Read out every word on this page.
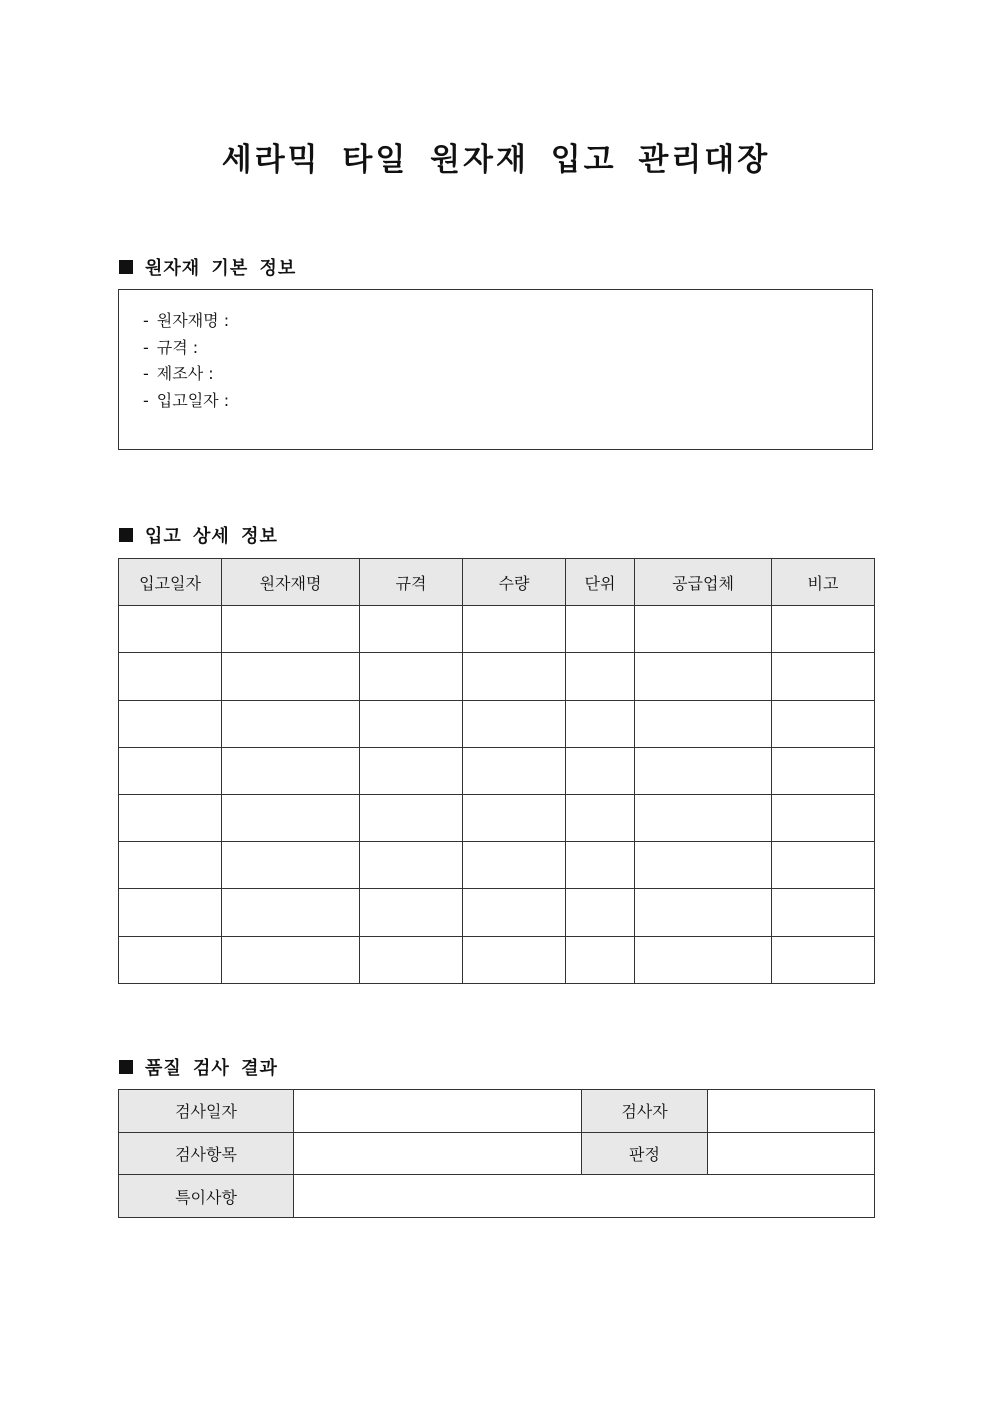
세라믹 타일 원자재 입고 관리대장
원자재 기본 정보
- 원자재명 :
- 규격 :
- 제조사 :
- 입고일자 :
입고 상세 정보
입고일자	원자재명	규격	수량	단위	공급업체	비고

품질 검사 결과
검사일자		검사자	
검사항목		판정	
특이사항			
